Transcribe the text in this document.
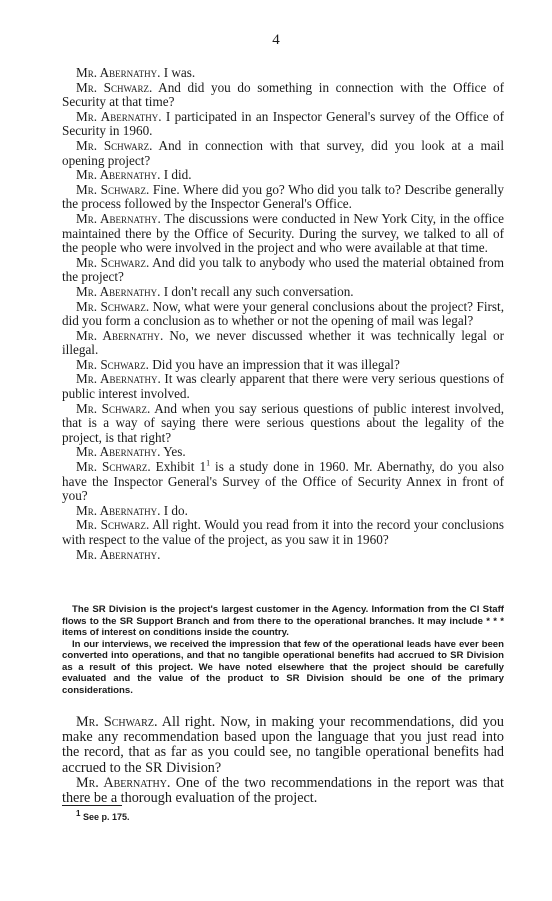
4

Mr. Abernathy. I was.

Mr. Schwarz. And did you do something in connection with the Office of Security at that time?

Mr. Abernathy. I participated in an Inspector General's survey of the Office of Security in 1960.

Mr. Schwarz. And in connection with that survey, did you look at a mail opening project?

Mr. Abernathy. I did.

Mr. Schwarz. Fine. Where did you go? Who did you talk to? Describe generally the process followed by the Inspector General's Office.

Mr. Abernathy. The discussions were conducted in New York City, in the office maintained there by the Office of Security. During the survey, we talked to all of the people who were involved in the project and who were available at that time.

Mr. Schwarz. And did you talk to anybody who used the material obtained from the project?

Mr. Abernathy. I don't recall any such conversation.

Mr. Schwarz. Now, what were your general conclusions about the project? First, did you form a conclusion as to whether or not the opening of mail was legal?

Mr. Abernathy. No, we never discussed whether it was technically legal or illegal.

Mr. Schwarz. Did you have an impression that it was illegal?

Mr. Abernathy. It was clearly apparent that there were very serious questions of public interest involved.

Mr. Schwarz. And when you say serious questions of public interest involved, that is a way of saying there were serious questions about the legality of the project, is that right?

Mr. Abernathy. Yes.

Mr. Schwarz. Exhibit $1^1$ is a study done in 1960. Mr. Abernathy, do you also have the Inspector General's Survey of the Office of Security Annex in front of you?

Mr. Abernathy. I do.

Mr. Schwarz. All right. Would you read from it into the record your conclusions with respect to the value of the project, as you saw it in 1960?

Mr. Abernathy.

The SR Division is the project's largest customer in the Agency. Information from the CI Staff flows to the SR Support Branch and from there to the operational branches. It may include * * * items of interest on conditions inside the country.

In our interviews, we received the impression that few of the operational leads have ever been converted into operations, and that no tangible operational benefits had accrued to SR Division as a result of this project. We have noted elsewhere that the project should be carefully evaluated and the value of the product to SR Division should be one of the primary considerations.

Mr. Schwarz. All right. Now, in making your recommendations, did you make any recommendation based upon the language that you just read into the record, that as far as you could see, no tangible operational benefits had accrued to the SR Division?

Mr. Abernathy. One of the two recommendations in the report was that there be a thorough evaluation of the project.

$^1$ See p. 175.
